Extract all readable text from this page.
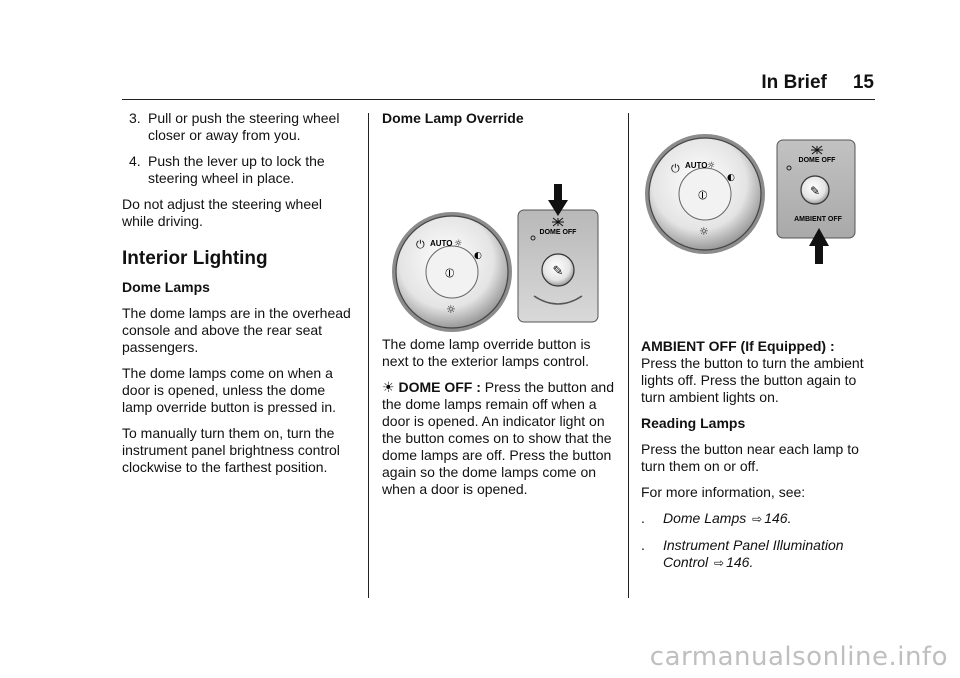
In Brief 15
3. Pull or push the steering wheel closer or away from you.
4. Push the lever up to lock the steering wheel in place.

Do not adjust the steering wheel while driving.

Interior Lighting
Dome Lamps

The dome lamps are in the overhead console and above the rear seat passengers.

The dome lamps come on when a door is opened, unless the dome lamp override button is pressed in.

To manually turn them on, turn the instrument panel brightness control clockwise to the farthest position.

Dome Lamp Override
DOME OFF
✎
⏻ AUTO ☼
◐
⦶
☼

The dome lamp override button is next to the exterior lamps control.

☀ DOME OFF : Press the button and the dome lamps remain off when a door is opened. An indicator light on the button comes on to show that the dome lamps are off. Press the button again so the dome lamps come on when a door is opened.

DOME OFF
✎
AMBIENT OFF
⏻ AUTO ☼
◐
⦶
☼

AMBIENT OFF (If Equipped) :
Press the button to turn the ambient lights off. Press the button again to turn ambient lights on.

Reading Lamps

Press the button near each lamp to turn them on or off.

For more information, see:

. Dome Lamps ⇨ 146.
. Instrument Panel Illumination Control ⇨ 146.
carmanualsonline.info
